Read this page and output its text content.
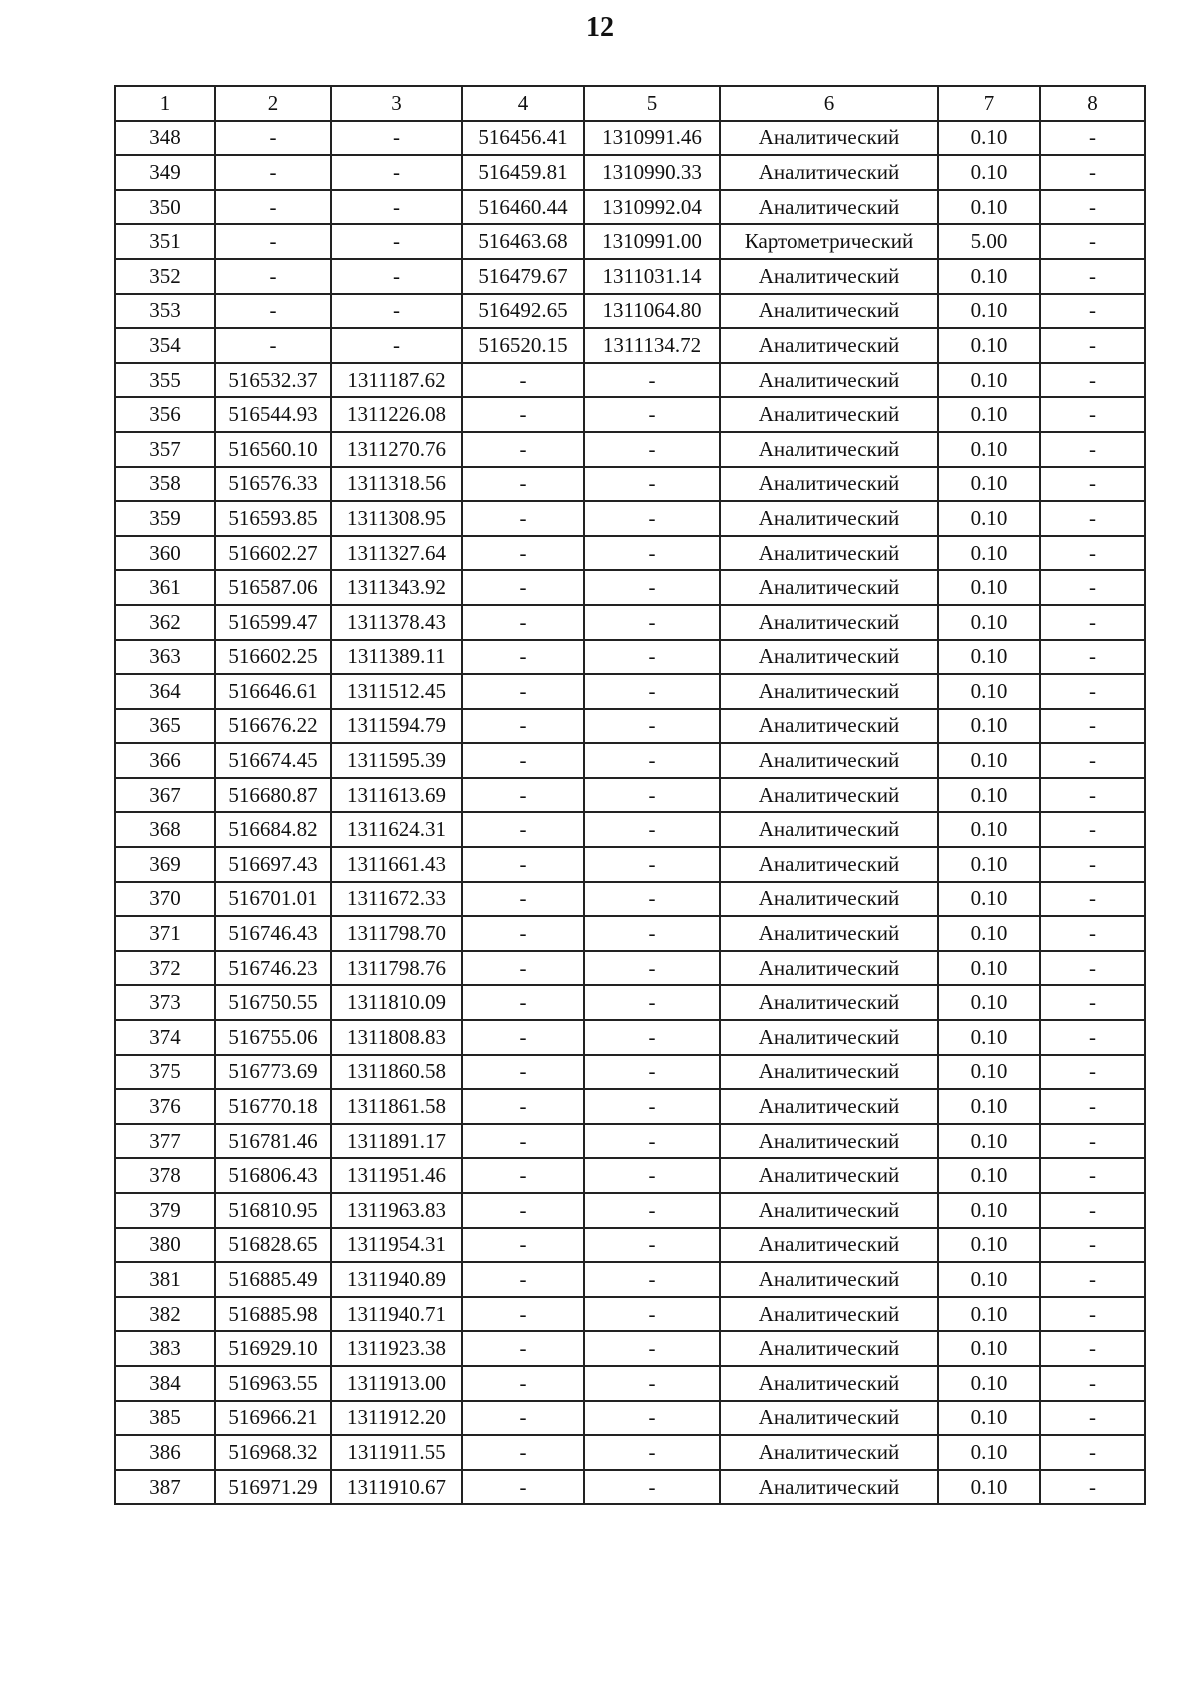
12
1	2	3	4	5	6	7	8
348	-	-	516456.41	1310991.46	Аналитический	0.10	-
349	-	-	516459.81	1310990.33	Аналитический	0.10	-
350	-	-	516460.44	1310992.04	Аналитический	0.10	-
351	-	-	516463.68	1310991.00	Картометрический	5.00	-
352	-	-	516479.67	1311031.14	Аналитический	0.10	-
353	-	-	516492.65	1311064.80	Аналитический	0.10	-
354	-	-	516520.15	1311134.72	Аналитический	0.10	-
355	516532.37	1311187.62	-	-	Аналитический	0.10	-
356	516544.93	1311226.08	-	-	Аналитический	0.10	-
357	516560.10	1311270.76	-	-	Аналитический	0.10	-
358	516576.33	1311318.56	-	-	Аналитический	0.10	-
359	516593.85	1311308.95	-	-	Аналитический	0.10	-
360	516602.27	1311327.64	-	-	Аналитический	0.10	-
361	516587.06	1311343.92	-	-	Аналитический	0.10	-
362	516599.47	1311378.43	-	-	Аналитический	0.10	-
363	516602.25	1311389.11	-	-	Аналитический	0.10	-
364	516646.61	1311512.45	-	-	Аналитический	0.10	-
365	516676.22	1311594.79	-	-	Аналитический	0.10	-
366	516674.45	1311595.39	-	-	Аналитический	0.10	-
367	516680.87	1311613.69	-	-	Аналитический	0.10	-
368	516684.82	1311624.31	-	-	Аналитический	0.10	-
369	516697.43	1311661.43	-	-	Аналитический	0.10	-
370	516701.01	1311672.33	-	-	Аналитический	0.10	-
371	516746.43	1311798.70	-	-	Аналитический	0.10	-
372	516746.23	1311798.76	-	-	Аналитический	0.10	-
373	516750.55	1311810.09	-	-	Аналитический	0.10	-
374	516755.06	1311808.83	-	-	Аналитический	0.10	-
375	516773.69	1311860.58	-	-	Аналитический	0.10	-
376	516770.18	1311861.58	-	-	Аналитический	0.10	-
377	516781.46	1311891.17	-	-	Аналитический	0.10	-
378	516806.43	1311951.46	-	-	Аналитический	0.10	-
379	516810.95	1311963.83	-	-	Аналитический	0.10	-
380	516828.65	1311954.31	-	-	Аналитический	0.10	-
381	516885.49	1311940.89	-	-	Аналитический	0.10	-
382	516885.98	1311940.71	-	-	Аналитический	0.10	-
383	516929.10	1311923.38	-	-	Аналитический	0.10	-
384	516963.55	1311913.00	-	-	Аналитический	0.10	-
385	516966.21	1311912.20	-	-	Аналитический	0.10	-
386	516968.32	1311911.55	-	-	Аналитический	0.10	-
387	516971.29	1311910.67	-	-	Аналитический	0.10	-
